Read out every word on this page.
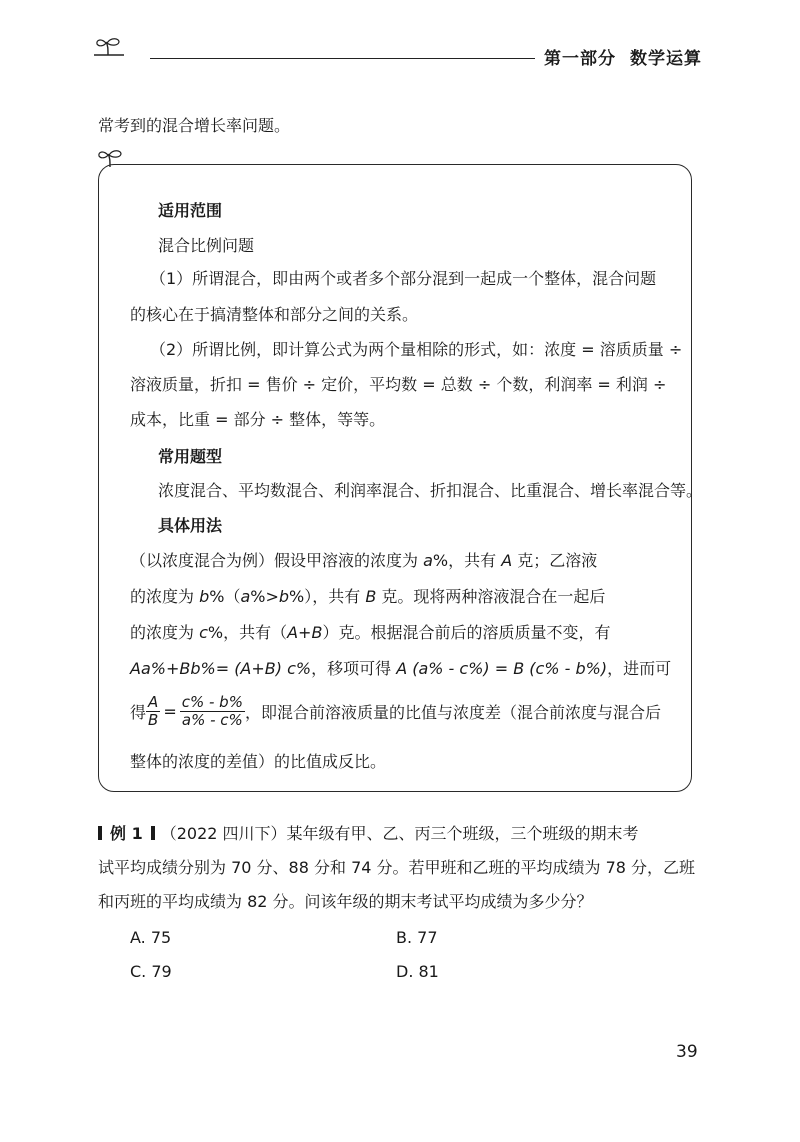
第一部分 数学运算
常考到的混合增长率问题。
适用范围
混合比例问题
（1）所谓混合，即由两个或者多个部分混到一起成一个整体，混合问题
的核心在于搞清整体和部分之间的关系。
（2）所谓比例，即计算公式为两个量相除的形式，如：浓度 = 溶质质量 ÷
溶液质量，折扣 = 售价 ÷ 定价，平均数 = 总数 ÷ 个数，利润率 = 利润 ÷
成本，比重 = 部分 ÷ 整体，等等。
常用题型
浓度混合、平均数混合、利润率混合、折扣混合、比重混合、增长率混合等。
具体用法
（以浓度混合为例）假设甲溶液的浓度为 a%，共有 A 克；乙溶液
的浓度为 b%（a%>b%），共有 B 克。现将两种溶液混合在一起后
的浓度为 c%，共有（A+B）克。根据混合前后的溶质质量不变，有
Aa%+Bb%= (A+B) c%，移项可得 A (a% - c%) = B (c% - b%)，进而可
得 $\frac{A}{B} = \frac{c\% - b\%}{a\% - c\%}$ ，即混合前溶液质量的比值与浓度差（混合前浓度与混合后
整体的浓度的差值）的比值成反比。
例 1 （2022 四川下）某年级有甲、乙、丙三个班级，三个班级的期末考
试平均成绩分别为 70 分、88 分和 74 分。若甲班和乙班的平均成绩为 78 分，乙班
和丙班的平均成绩为 82 分。问该年级的期末考试平均成绩为多少分？
A. 75	B. 77
C. 79	D. 81
39
